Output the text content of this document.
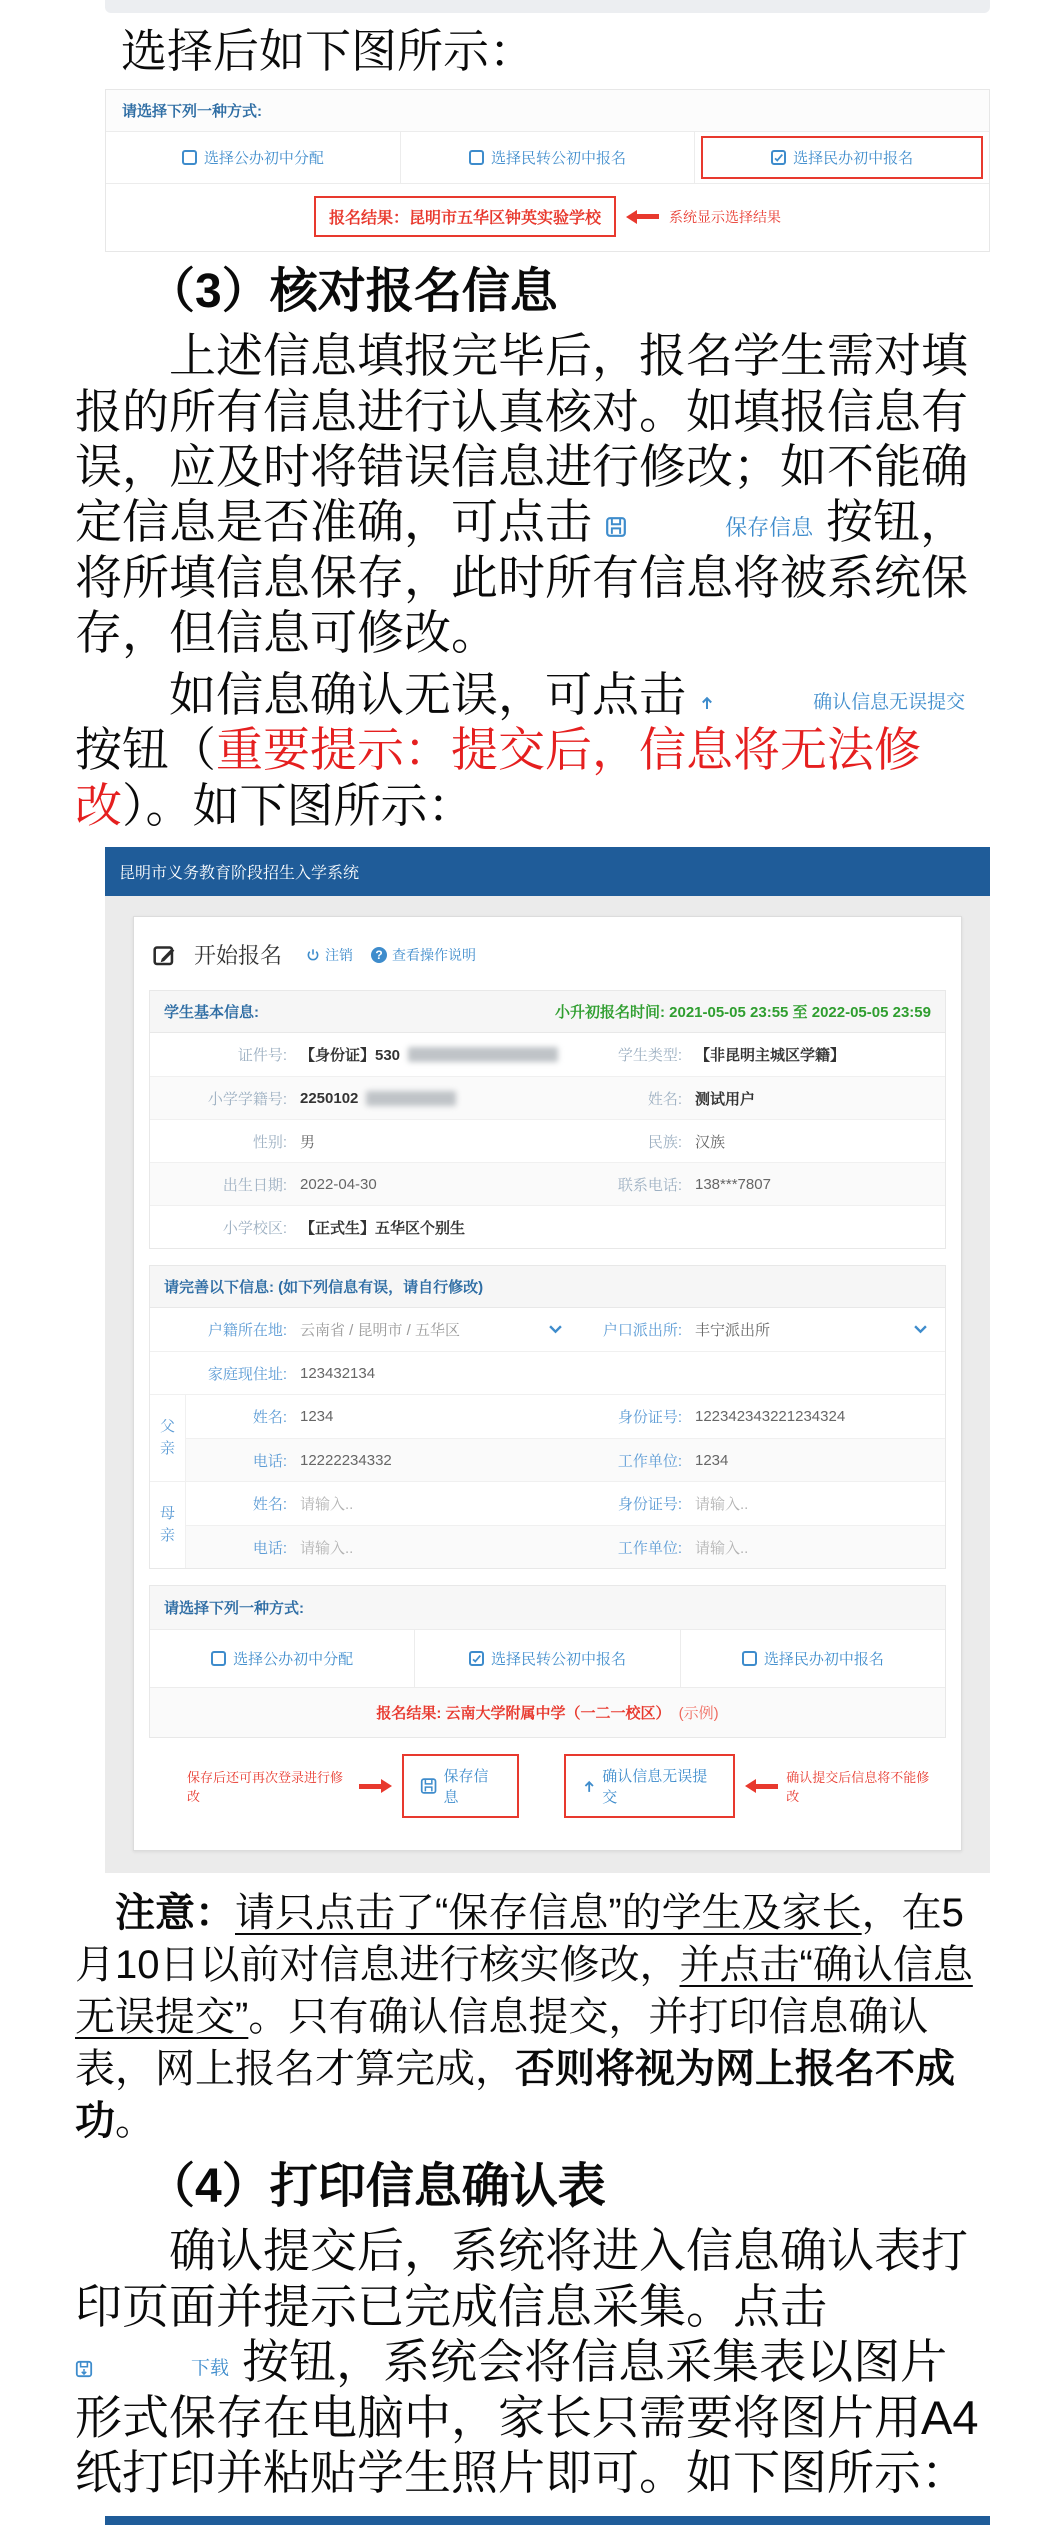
选择后如下图所示：

请选择下列一种方式:
选择公办初中分配	选择民转公初中报名	选择民办初中报名
报名结果：昆明市五华区钟英实验学校	系统显示选择结果
（3）核对报名信息

上述信息填报完毕后，报名学生需对填报的所有信息进行认真核对。如填报信息有误，应及时将错误信息进行修改；如不能确定信息是否准确，可点击	保存信息 按钮，将所填信息保存，此时所有信息将被系统保存，但信息可修改。

如信息确认无误，可点击	确认信息无误提交
按钮（重要提示：提交后，信息将无法修改）。如下图所示：

昆明市义务教育阶段招生入学系统
开始报名	注销	? 查看操作说明
学生基本信息:	小升初报名时间: 2021-05-05 23:55 至 2022-05-05 23:59
证件号: 【身份证】530	学生类型: 【非昆明主城区学籍】
小学学籍号: 2250102	姓名: 测试用户
性别: 男	民族: 汉族
出生日期: 2022-04-30	联系电话: 138***7807
小学校区: 【正式生】五华区个别生
请完善以下信息: (如下列信息有误，请自行修改)
户籍所在地: 云南省 / 昆明市 / 五华区	户口派出所: 丰宁派出所
家庭现住址: 123432134
父亲
姓名: 1234	身份证号: 122342343221234324
电话: 12222234332	工作单位: 1234
母亲
姓名: 请输入..	身份证号: 请输入..
电话: 请输入..	工作单位: 请输入..
请选择下列一种方式:
选择公办初中分配	选择民转公初中报名	选择民办初中报名
报名结果: 云南大学附属中学（一二一校区） (示例)
保存后还可再次登录进行修改
保存信息
确认信息无误提交
确认提交后信息将不能修改

注意：请只点击了“保存信息”的学生及家长，在5月10日以前对信息进行核实修改，并点击“确认信息无误提交”。只有确认信息提交，并打印信息确认表，网上报名才算完成，否则将视为网上报名不成功。

（4）打印信息确认表

确认提交后，系统将进入信息确认表打印页面并提示已完成信息采集。点击
下载 按钮，系统会将信息采集表以图片形式保存在电脑中，家长只需要将图片用A4纸打印并粘贴学生照片即可。如下图所示：
